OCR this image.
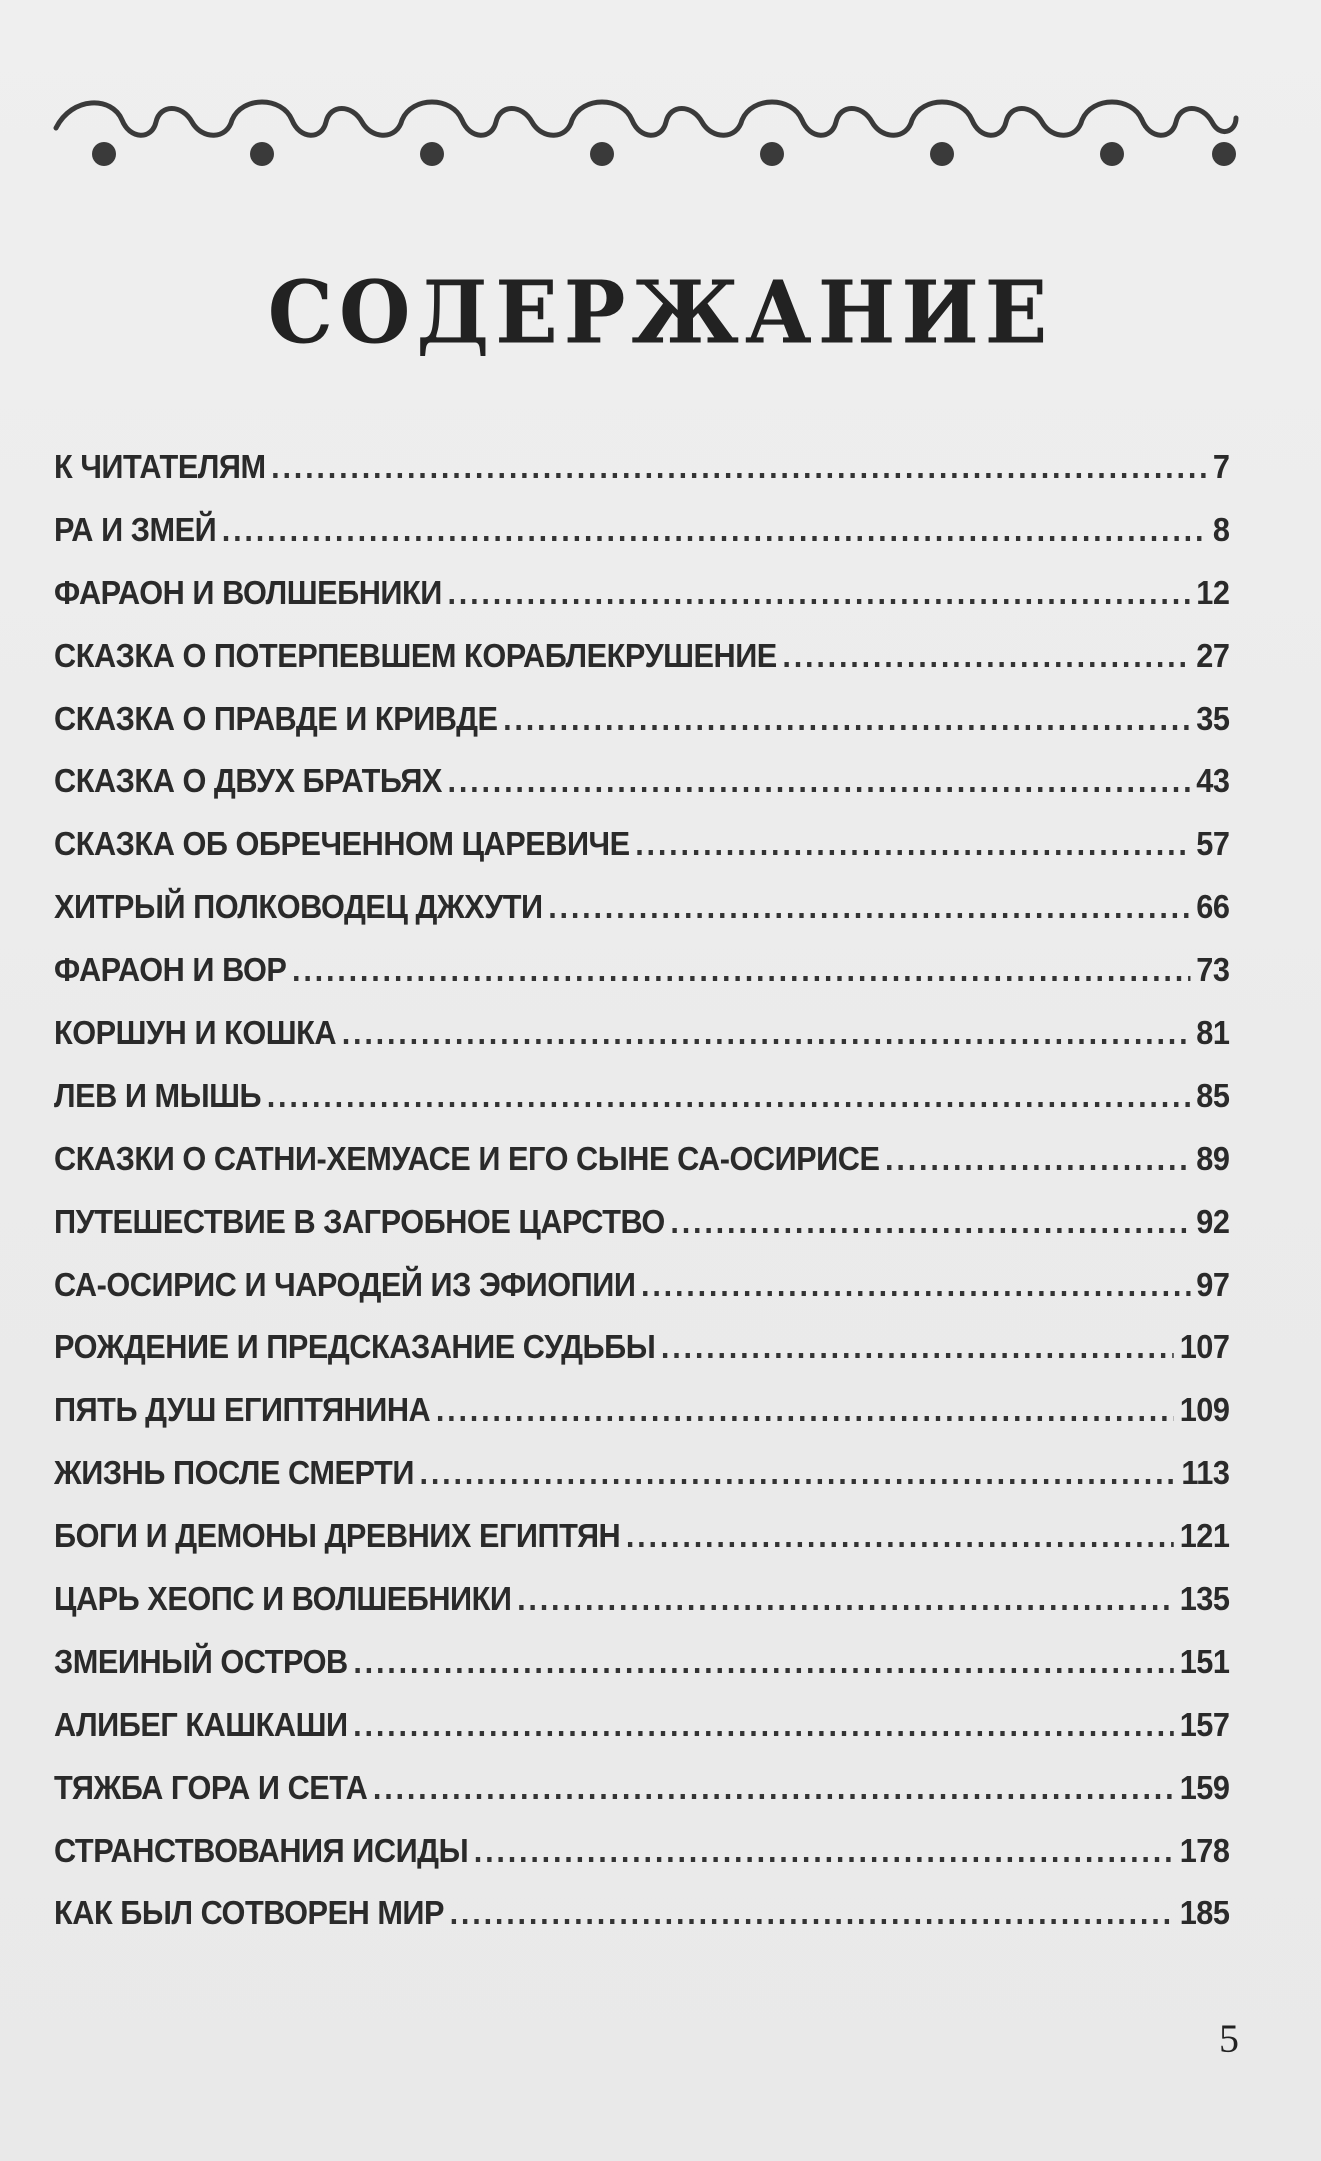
СОДЕРЖАНИЕ
К ЧИТАТЕЛЯМ .....	7
РА И ЗМЕЙ .....	8
ФАРАОН И ВОЛШЕБНИКИ .....	12
СКАЗКА О ПОТЕРПЕВШЕМ КОРАБЛЕКРУШЕНИЕ .....	27
СКАЗКА О ПРАВДЕ И КРИВДЕ .....	35
СКАЗКА О ДВУХ БРАТЬЯХ .....	43
СКАЗКА ОБ ОБРЕЧЕННОМ ЦАРЕВИЧЕ .....	57
ХИТРЫЙ ПОЛКОВОДЕЦ ДЖХУТИ .....	66
ФАРАОН И ВОР .....	73
КОРШУН И КОШКА .....	81
ЛЕВ И МЫШЬ .....	85
СКАЗКИ О САТНИ-ХЕМУАСЕ И ЕГО СЫНЕ СА-ОСИРИСЕ .....	89
ПУТЕШЕСТВИЕ В ЗАГРОБНОЕ ЦАРСТВО .....	92
СА-ОСИРИС И ЧАРОДЕЙ ИЗ ЭФИОПИИ .....	97
РОЖДЕНИЕ И ПРЕДСКАЗАНИЕ СУДЬБЫ .....	107
ПЯТЬ ДУШ ЕГИПТЯНИНА .....	109
ЖИЗНЬ ПОСЛЕ СМЕРТИ .....	113
БОГИ И ДЕМОНЫ ДРЕВНИХ ЕГИПТЯН .....	121
ЦАРЬ ХЕОПС И ВОЛШЕБНИКИ .....	135
ЗМЕИНЫЙ ОСТРОВ .....	151
АЛИБЕГ КАШКАШИ .....	157
ТЯЖБА ГОРА И СЕТА .....	159
СТРАНСТВОВАНИЯ ИСИДЫ .....	178
КАК БЫЛ СОТВОРЕН МИР .....	185
5
